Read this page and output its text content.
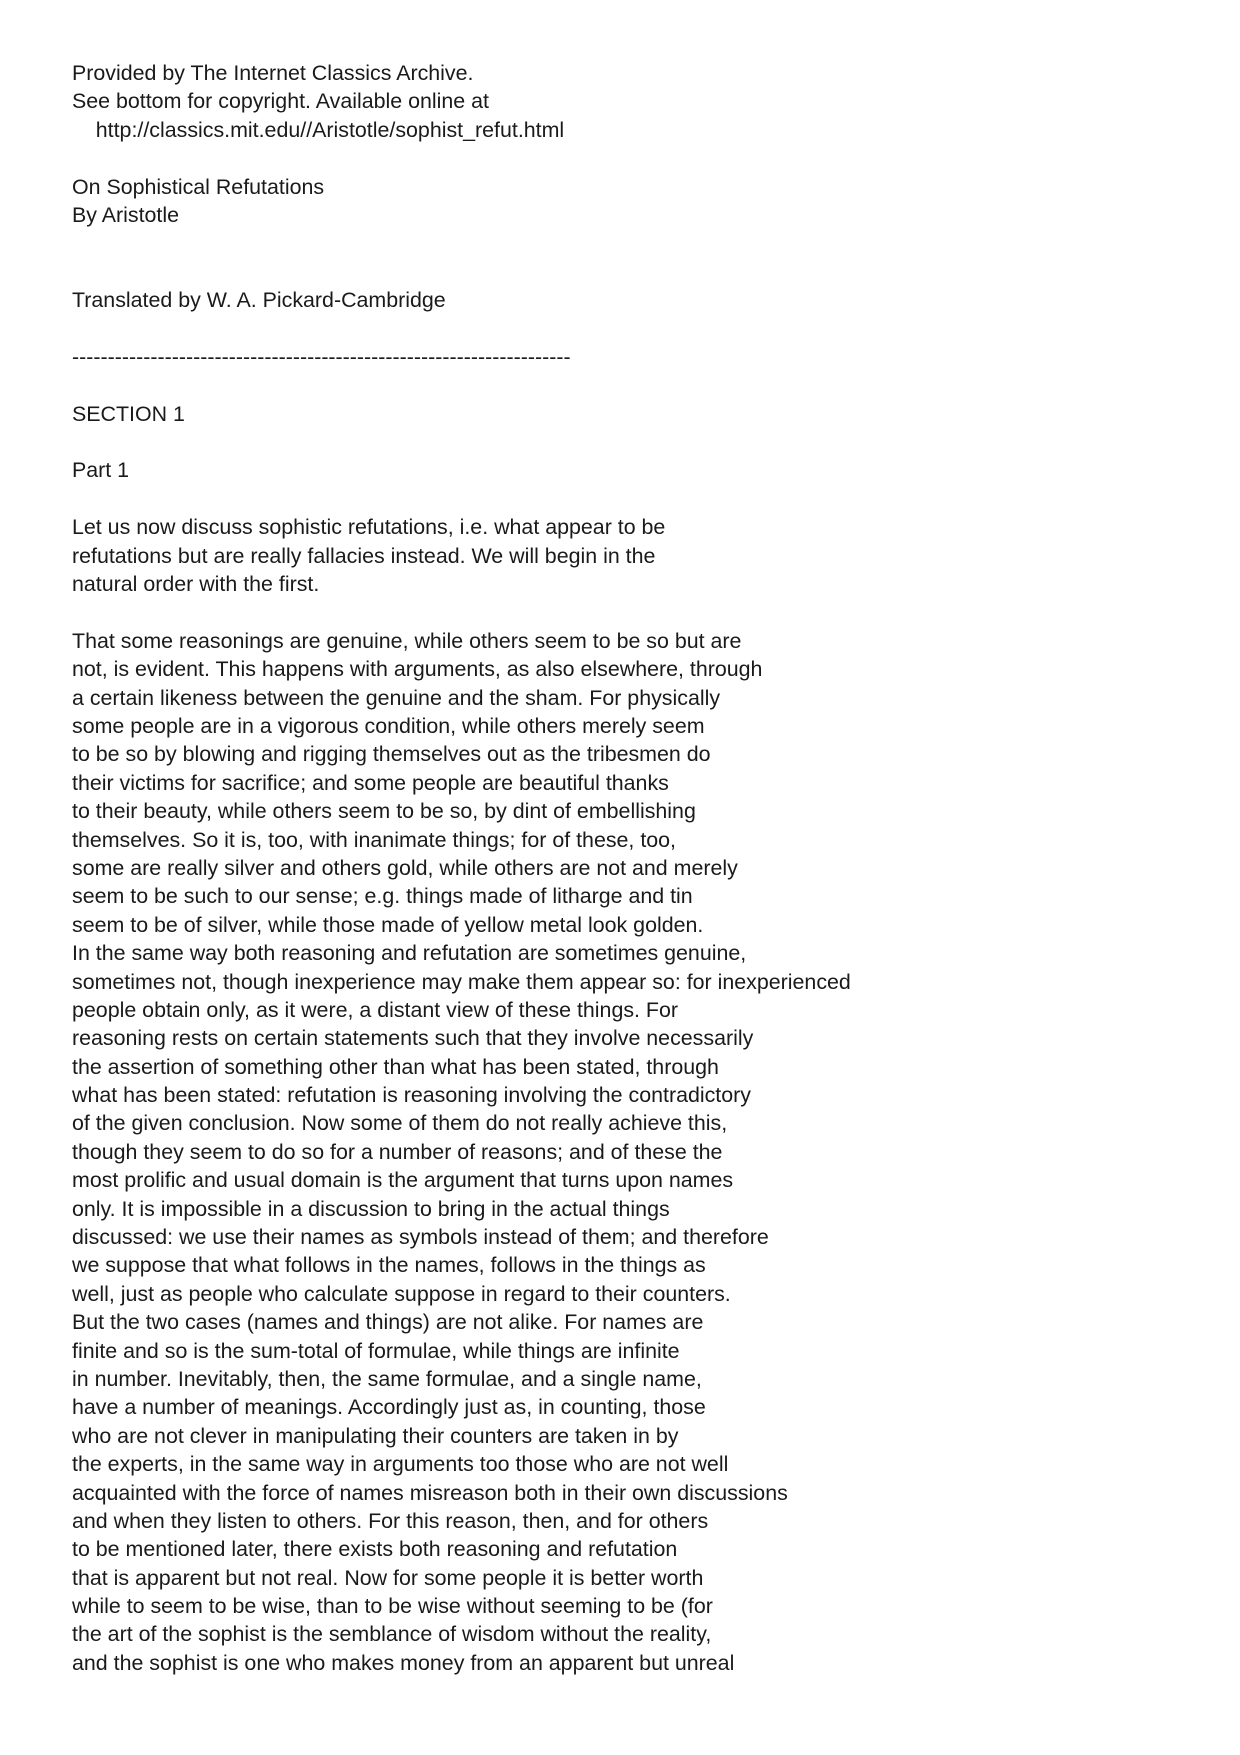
Provided by The Internet Classics Archive.
See bottom for copyright. Available online at
http://classics.mit.edu//Aristotle/sophist_refut.html
On Sophistical Refutations
By Aristotle
Translated by W. A. Pickard-Cambridge
----------------------------------------------------------------------
SECTION 1
Part 1
Let us now discuss sophistic refutations, i.e. what appear to be
refutations but are really fallacies instead. We will begin in the
natural order with the first.
That some reasonings are genuine, while others seem to be so but are
not, is evident. This happens with arguments, as also elsewhere, through
a certain likeness between the genuine and the sham. For physically
some people are in a vigorous condition, while others merely seem
to be so by blowing and rigging themselves out as the tribesmen do
their victims for sacrifice; and some people are beautiful thanks
to their beauty, while others seem to be so, by dint of embellishing
themselves. So it is, too, with inanimate things; for of these, too,
some are really silver and others gold, while others are not and merely
seem to be such to our sense; e.g. things made of litharge and tin
seem to be of silver, while those made of yellow metal look golden.
In the same way both reasoning and refutation are sometimes genuine,
sometimes not, though inexperience may make them appear so: for inexperienced
people obtain only, as it were, a distant view of these things. For
reasoning rests on certain statements such that they involve necessarily
the assertion of something other than what has been stated, through
what has been stated: refutation is reasoning involving the contradictory
of the given conclusion. Now some of them do not really achieve this,
though they seem to do so for a number of reasons; and of these the
most prolific and usual domain is the argument that turns upon names
only. It is impossible in a discussion to bring in the actual things
discussed: we use their names as symbols instead of them; and therefore
we suppose that what follows in the names, follows in the things as
well, just as people who calculate suppose in regard to their counters.
But the two cases (names and things) are not alike. For names are
finite and so is the sum-total of formulae, while things are infinite
in number. Inevitably, then, the same formulae, and a single name,
have a number of meanings. Accordingly just as, in counting, those
who are not clever in manipulating their counters are taken in by
the experts, in the same way in arguments too those who are not well
acquainted with the force of names misreason both in their own discussions
and when they listen to others. For this reason, then, and for others
to be mentioned later, there exists both reasoning and refutation
that is apparent but not real. Now for some people it is better worth
while to seem to be wise, than to be wise without seeming to be (for
the art of the sophist is the semblance of wisdom without the reality,
and the sophist is one who makes money from an apparent but unreal
